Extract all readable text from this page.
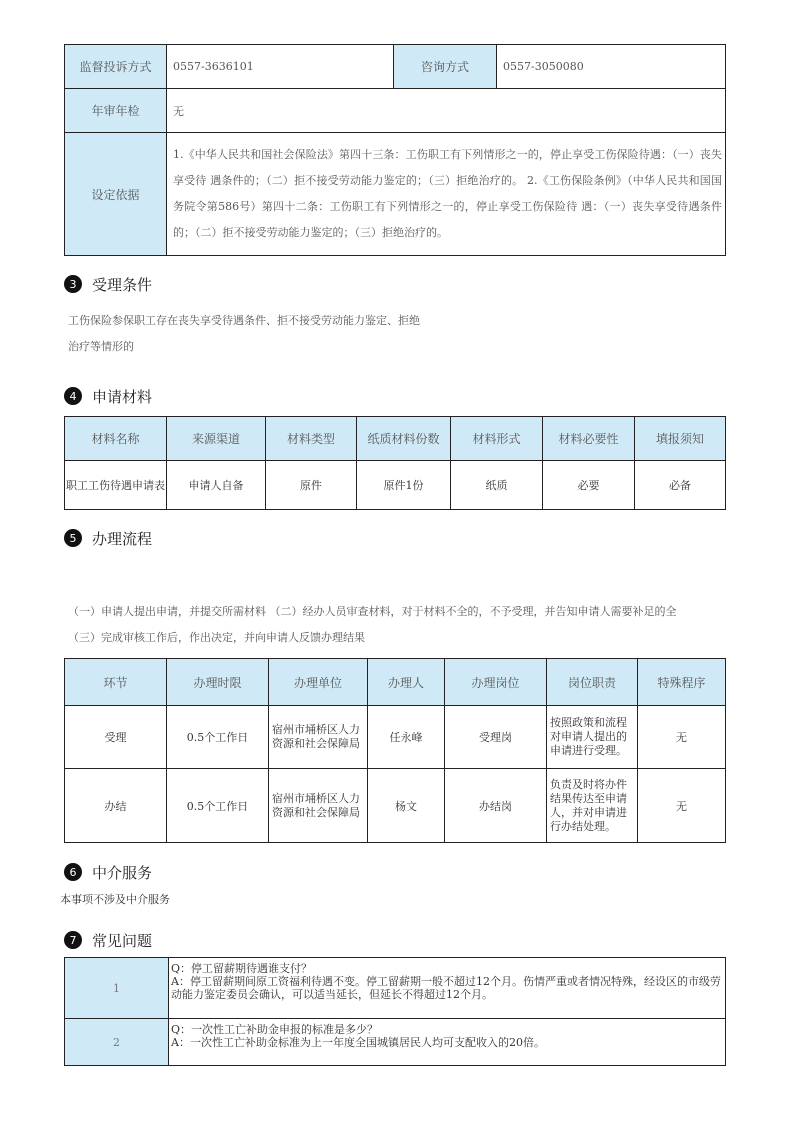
监督投诉方式	0557-3636101	咨询方式	0557-3050080
年审年检	无		
设定依据	1.《中华人民共和国社会保险法》第四十三条：工伤职工有下列情形之一的，停止享受工伤保险待遇：（一）丧失享受待 遇条件的；（二）拒不接受劳动能力鉴定的；（三）拒绝治疗的。 2.《工伤保险条例》（中华人民共和国国务院令第586号）第四十二条：工伤职工有下列情形之一的，停止享受工伤保险待 遇：（一）丧失享受待遇条件的；（二）拒不接受劳动能力鉴定的；（三）拒绝治疗的。		
3	受理条件
工伤保险参保职工存在丧失享受待遇条件、拒不接受劳动能力鉴定、拒绝
治疗等情形的
4	申请材料
材料名称	来源渠道	材料类型	纸质材料份数	材料形式	材料必要性	填报须知
职工工伤待遇申请表	申请人自备	原件	原件1份	纸质	必要	必备
5	办理流程
（一）申请人提出申请，并提交所需材料 （二）经办人员审查材料，对于材料不全的，不予受理，并告知申请人需要补足的全
（三）完成审核工作后，作出决定，并向申请人反馈办理结果
环节	办理时限	办理单位	办理人	办理岗位	岗位职责	特殊程序
受理	0.5个工作日	宿州市埇桥区人力资源和社会保障局	任永峰	受理岗	按照政策和流程对申请人提出的申请进行受理。	无
办结	0.5个工作日	宿州市埇桥区人力资源和社会保障局	杨文	办结岗	负责及时将办件结果传达至申请人，并对申请进行办结处理。	无
6	中介服务
本事项不涉及中介服务
7	常见问题
1	Q：停工留薪期待遇谁支付？
A：停工留薪期间原工资福利待遇不变。停工留薪期一般不超过12个月。伤情严重或者情况特殊，经设区的市级劳动能力鉴定委员会确认，可以适当延长，但延长不得超过12个月。

2	Q：一次性工亡补助金申报的标准是多少？
A：一次性工亡补助金标准为上一年度全国城镇居民人均可支配收入的20倍。
